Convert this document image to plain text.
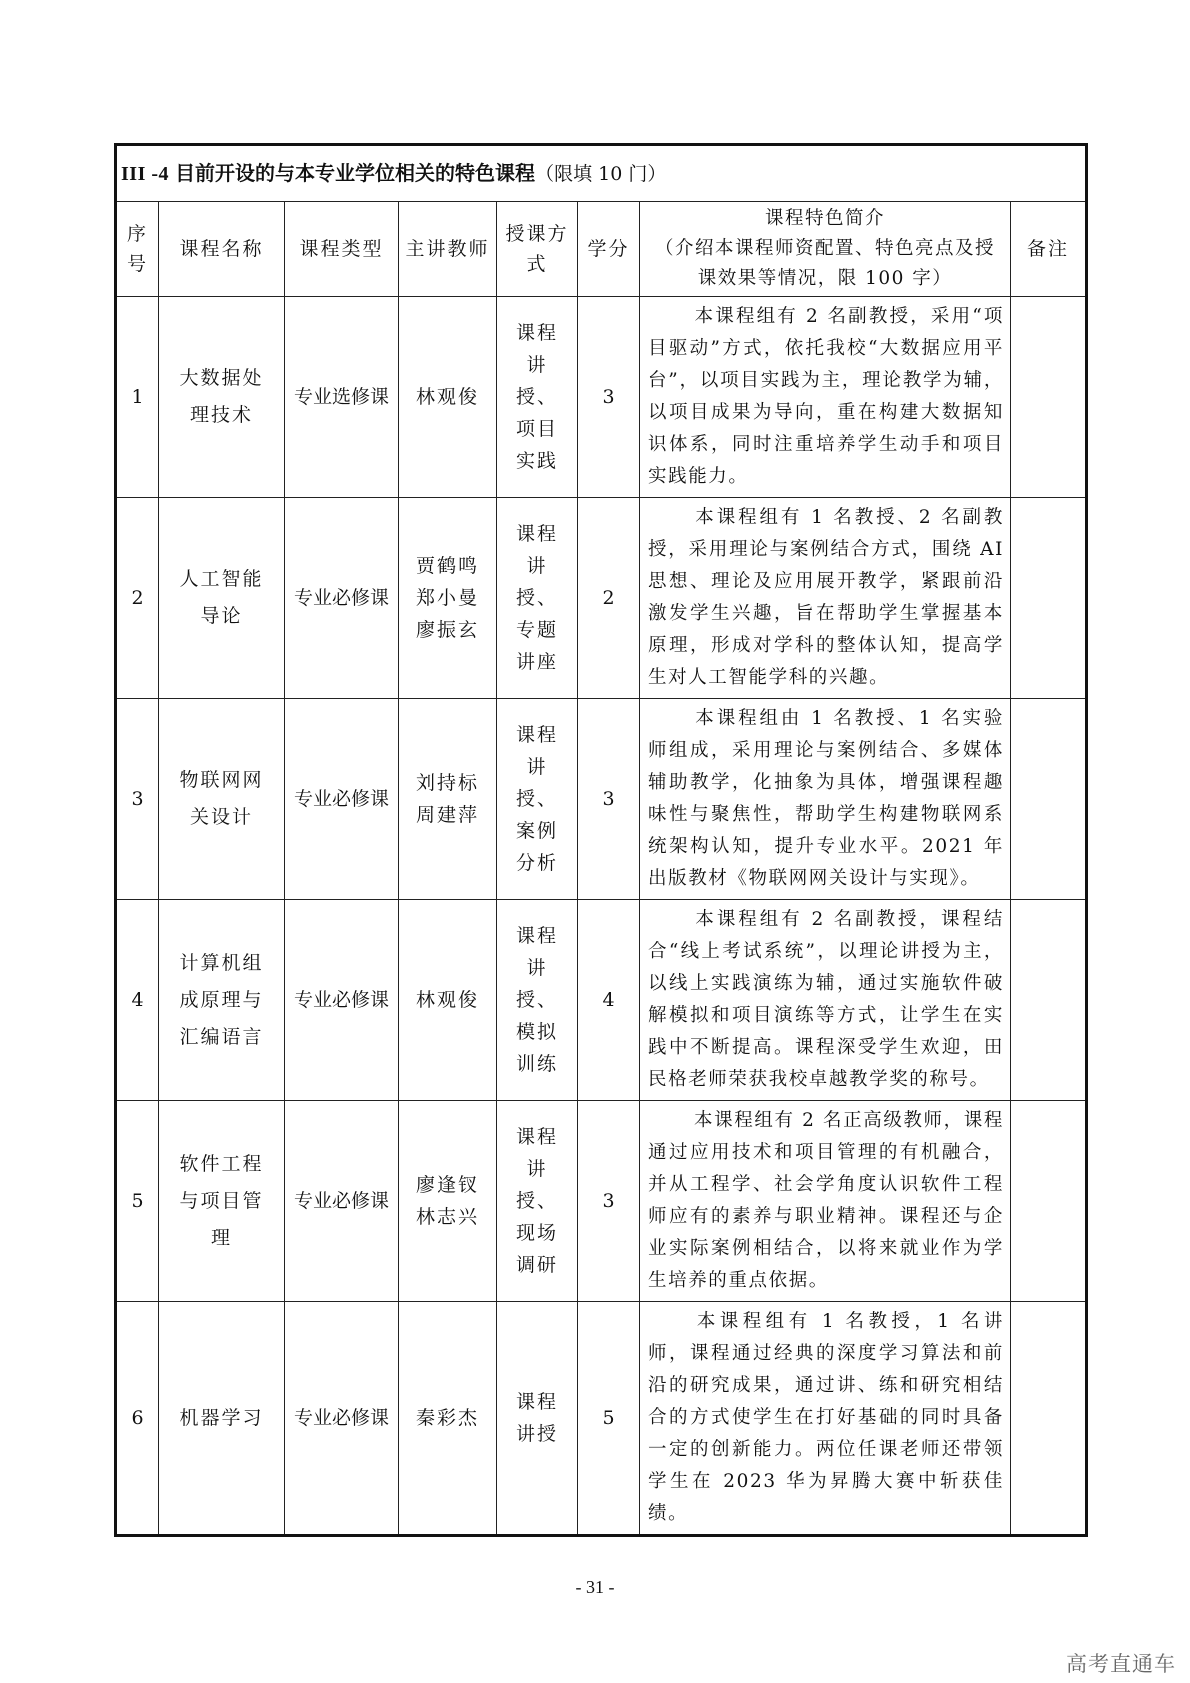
III -4 目前开设的与本专业学位相关的特色课程（限填 10 门）							
序号	课程名称	课程类型	主讲教师	授课方式	学分	课程特色简介
（介绍本课程师资配置、特色亮点及授课效果等情况，限 100 字）	备注
1	大数据处理技术	专业选修课	林观俊	课程讲授、项目实践	3	本课程组有 2 名副教授，采用“项目驱动”方式，依托我校“大数据应用平台”，以项目实践为主，理论教学为辅，以项目成果为导向，重在构建大数据知识体系，同时注重培养学生动手和项目实践能力。	
2	人工智能导论	专业必修课	贾鹤鸣 郑小曼 廖振玄	课程讲授、专题讲座	2	本课程组有 1 名教授、2 名副教授，采用理论与案例结合方式，围绕 AI 思想、理论及应用展开教学，紧跟前沿激发学生兴趣，旨在帮助学生掌握基本原理，形成对学科的整体认知，提高学生对人工智能学科的兴趣。	
3	物联网网关设计	专业必修课	刘持标 周建萍	课程讲授、案例分析	3	本课程组由 1 名教授、1 名实验师组成，采用理论与案例结合、多媒体辅助教学，化抽象为具体，增强课程趣味性与聚焦性，帮助学生构建物联网系统架构认知，提升专业水平。2021 年出版教材《物联网网关设计与实现》。	
4	计算机组成原理与汇编语言	专业必修课	林观俊	课程讲授、模拟训练	4	本课程组有 2 名副教授，课程结合“线上考试系统”，以理论讲授为主，以线上实践演练为辅，通过实施软件破解模拟和项目演练等方式，让学生在实践中不断提高。课程深受学生欢迎，田民格老师荣获我校卓越教学奖的称号。	
5	软件工程与项目管理	专业必修课	廖逢钗 林志兴	课程讲授、现场调研	3	本课程组有 2 名正高级教师，课程通过应用技术和项目管理的有机融合，并从工程学、社会学角度认识软件工程师应有的素养与职业精神。课程还与企业实际案例相结合，以将来就业作为学生培养的重点依据。	
6	机器学习	专业必修课	秦彩杰	课程讲授	5	本课程组有 1 名教授，1 名讲师，课程通过经典的深度学习算法和前沿的研究成果，通过讲、练和研究相结合的方式使学生在打好基础的同时具备一定的创新能力。两位任课老师还带领学生在 2023 华为昇腾大赛中斩获佳绩。	
- 31 -
高考直通车
